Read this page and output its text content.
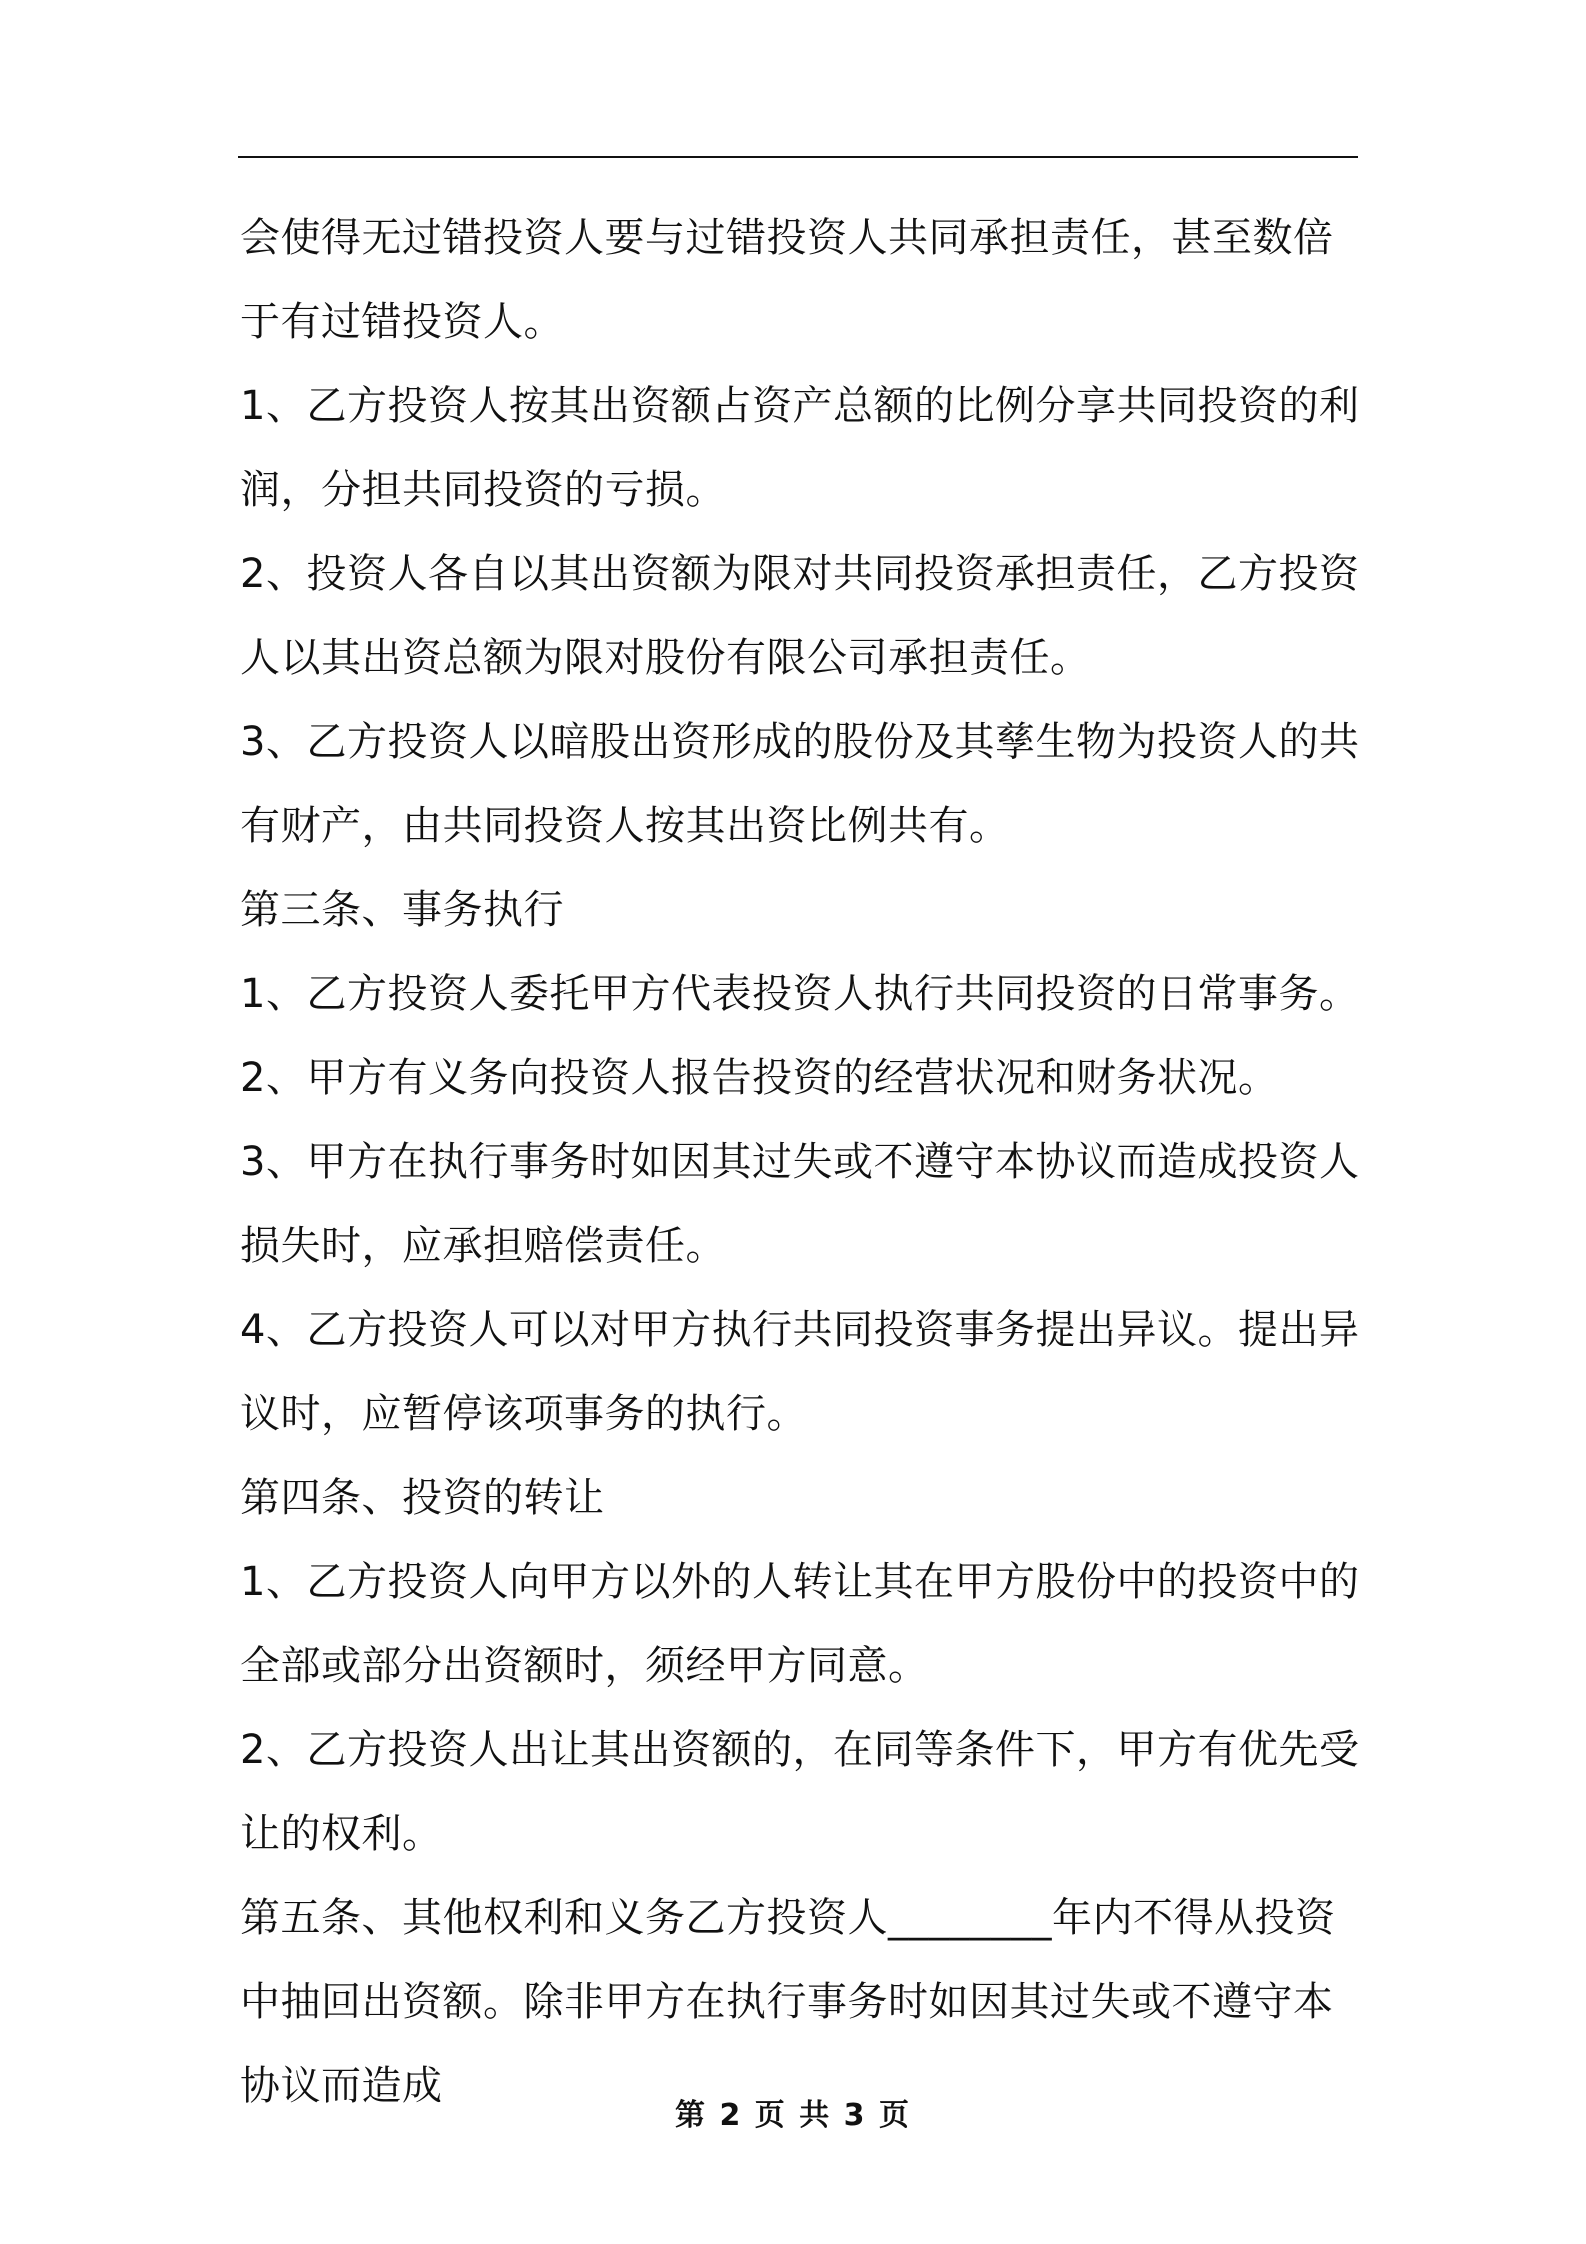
会使得无过错投资人要与过错投资人共同承担责任，甚至数倍于有过错投资人。

1、乙方投资人按其出资额占资产总额的比例分享共同投资的利润，分担共同投资的亏损。

2、投资人各自以其出资额为限对共同投资承担责任，乙方投资人以其出资总额为限对股份有限公司承担责任。

3、乙方投资人以暗股出资形成的股份及其孳生物为投资人的共有财产，由共同投资人按其出资比例共有。

第三条、事务执行

1、乙方投资人委托甲方代表投资人执行共同投资的日常事务。

2、甲方有义务向投资人报告投资的经营状况和财务状况。

3、甲方在执行事务时如因其过失或不遵守本协议而造成投资人损失时，应承担赔偿责任。

4、乙方投资人可以对甲方执行共同投资事务提出异议。提出异议时，应暂停该项事务的执行。

第四条、投资的转让

1、乙方投资人向甲方以外的人转让其在甲方股份中的投资中的全部或部分出资额时，须经甲方同意。

2、乙方投资人出让其出资额的，在同等条件下，甲方有优先受让的权利。

第五条、其他权利和义务乙方投资人________年内不得从投资中抽回出资额。除非甲方在执行事务时如因其过失或不遵守本协议而造成

第 2 页 共 3 页
